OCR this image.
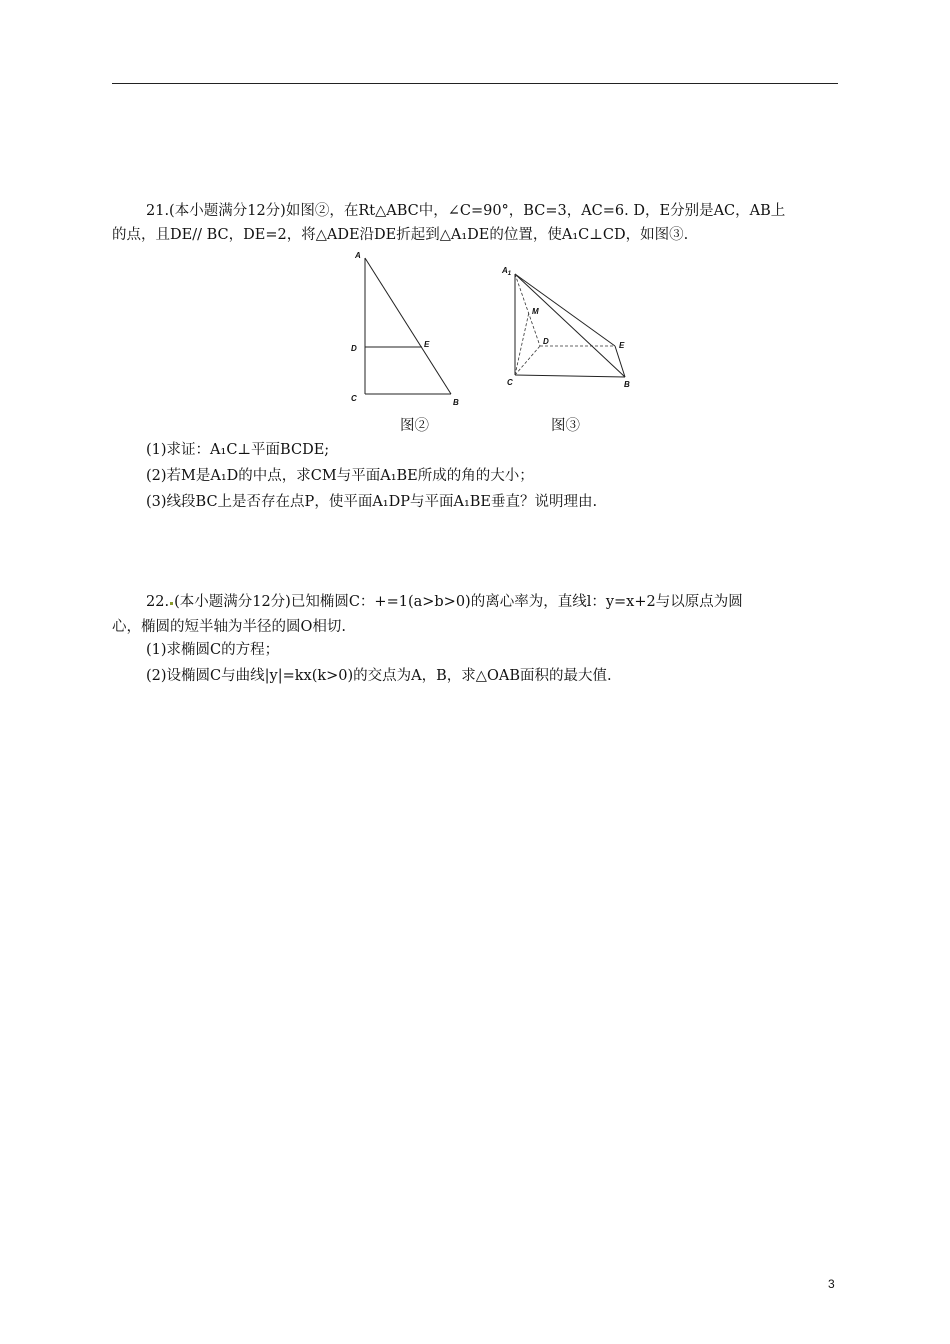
21.(本小题满分12分)如图②，在Rt△ABC中，∠C=90°，BC=3，AC=6. D，E分别是AC，AB上
的点，且DE// BC，DE=2，将△ADE沿DE折起到△A₁DE的位置，使A₁C⊥CD，如图③.
A
D	E
C	B
图②
$A_1$
M
D	E
C	B
图③
(1)求证：A₁C⊥平面BCDE;
(2)若M是A₁D的中点，求CM与平面A₁BE所成的角的大小；
(3)线段BC上是否存在点P，使平面A₁DP与平面A₁BE垂直？说明理由.
22. (本小题满分12分)已知椭圆C：+=1(a>b>0)的离心率为，直线l：y=x+2与以原点为圆
心，椭圆的短半轴为半径的圆O相切.
(1)求椭圆C的方程；
(2)设椭圆C与曲线|y|=kx(k>0)的交点为A，B，求△OAB面积的最大值.
3
